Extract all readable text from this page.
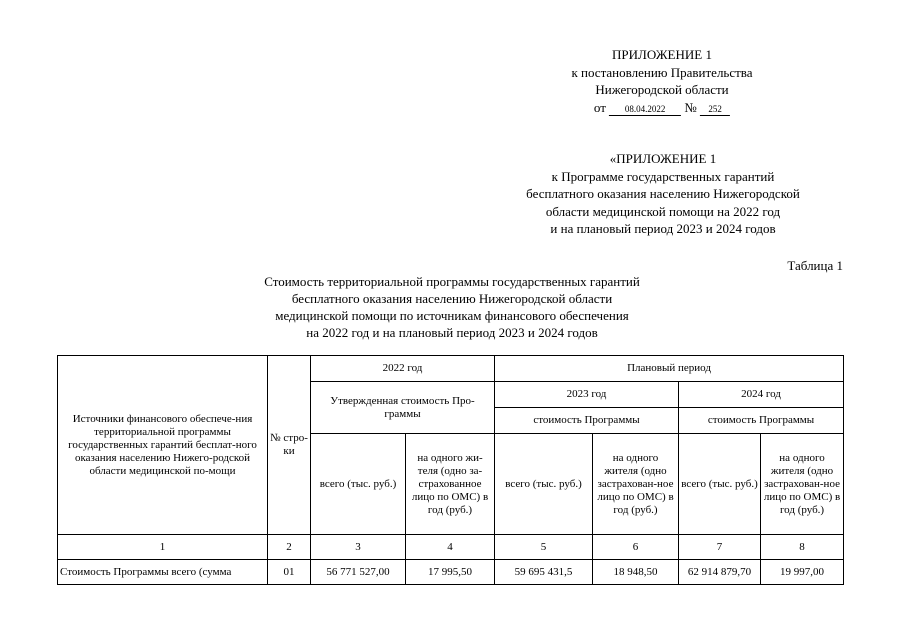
ПРИЛОЖЕНИЕ 1
к постановлению Правительства
Нижегородской области
от 08.04.2022 № 252
«ПРИЛОЖЕНИЕ 1
к Программе государственных гарантий
бесплатного оказания населению Нижегородской
области медицинской помощи на 2022 год
и на плановый период 2023 и 2024 годов
Таблица 1
Стоимость территориальной программы государственных гарантий
бесплатного оказания населению Нижегородской области
медицинской помощи по источникам финансового обеспечения
на 2022 год и на плановый период 2023 и 2024 годов
Источники финансового обеспече-ния территориальной программы государственных гарантий бесплат-ного оказания населению Нижего-родской области медицинской по-мощи	№ стро-ки	2022 год		Плановый период			
		Утвержденная стоимость Про-граммы		2023 год		2024 год	
				стоимость Программы		стоимость Программы	
		всего (тыс. руб.)	на одного жи-теля (одно за-страхованное лицо по ОМС) в год (руб.)	всего (тыс. руб.)	на одного жителя (одно застрахован-ное лицо по ОМС) в год (руб.)	всего (тыс. руб.)	на одного жителя (одно застрахован-ное лицо по ОМС) в год (руб.)
1	2	3	4	5	6	7	8
Стоимость Программы всего (сумма	01	56 771 527,00	17 995,50	59 695 431,5	18 948,50	62 914 879,70	19 997,00
